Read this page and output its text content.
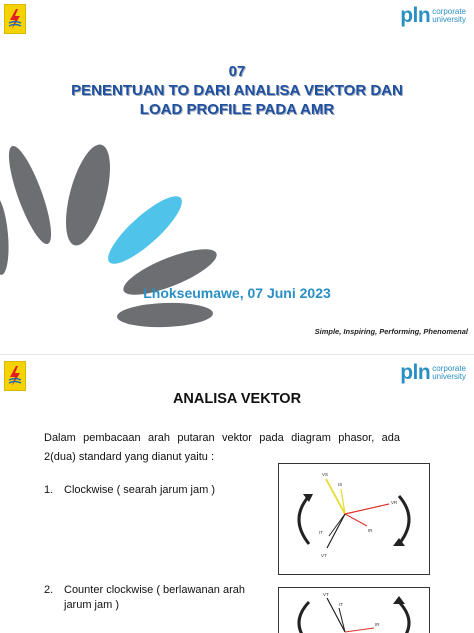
pln corporate
university
07
PENENTUAN TO DARI ANALISA VEKTOR DAN
LOAD PROFILE PADA AMR
Lhokseumawe, 07 Juni 2023
Simple, Inspiring, Performing, Phenomenal
pln corporate
university
ANALISA VEKTOR
Dalam pembacaan arah putaran vektor pada diagram phasor, ada 2(dua) standard yang dianut yaitu :
1. Clockwise ( searah jarum jam )
2. Counter clockwise ( berlawanan arah jarum jam )
VS
IS
VR
IR
IT
VT
VT
IT
IR
